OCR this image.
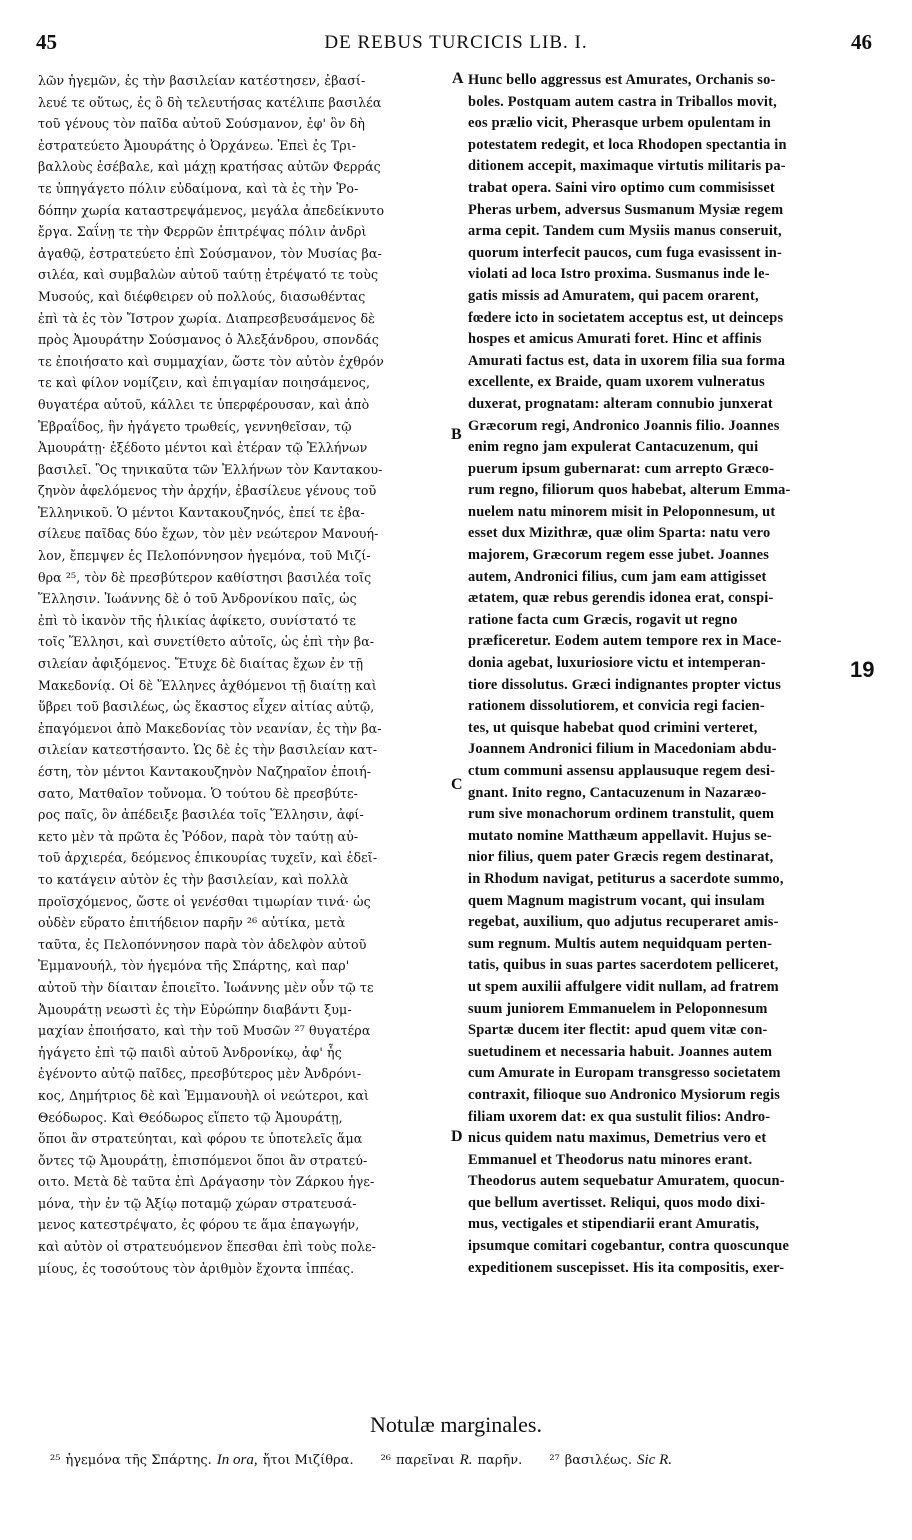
45	DE REBUS TURCICIS LIB. I.	46
λῶν ἡγεμῶν, ἐς τὴν βασιλείαν κατέστησεν, ἐβασί-
λευέ τε οὕτως, ἐς ὃ δὴ τελευτήσας κατέλιπε βασιλέα
τοῦ γένους τὸν παῖδα αὐτοῦ Σούσμανον, ἐφ' ὃν δὴ
ἐστρατεύετο Ἀμουράτης ὁ Ὀρχάνεω. Ἐπεὶ ἐς Τρι-
βαλλοὺς ἐσέβαλε, καὶ μάχῃ κρατήσας αὐτῶν Φερράς
τε ὑπηγάγετο πόλιν εὐδαίμονα, καὶ τὰ ἐς τὴν Ῥο-
δόπην χωρία καταστρεψάμενος, μεγάλα ἀπεδείκνυτο
ἔργα. Σαΐνῃ τε τὴν Φερρῶν ἐπιτρέψας πόλιν ἀνδρὶ
ἀγαθῷ, ἐστρατεύετο ἐπὶ Σούσμανον, τὸν Μυσίας βα-
σιλέα, καὶ συμβαλὼν αὐτοῦ ταύτῃ ἐτρέψατό τε τοὺς
Μυσούς, καὶ διέφθειρεν οὐ πολλούς, διασωθέντας
ἐπὶ τὰ ἐς τὸν Ἴστρον χωρία. Διαπρεσβευσάμενος δὲ
πρὸς Ἀμουράτην Σούσμανος ὁ Ἀλεξάνδρου, σπονδάς
τε ἐποιήσατο καὶ συμμαχίαν, ὥστε τὸν αὐτὸν ἐχθρόν
τε καὶ φίλον νομίζειν, καὶ ἐπιγαμίαν ποιησάμενος,
θυγατέρα αὐτοῦ, κάλλει τε ὑπερφέρουσαν, καὶ ἀπὸ
Ἐβραΐδος, ἣν ἠγάγετο τρωθείς, γεννηθεῖσαν, τῷ
Ἀμουράτῃ· ἐξέδοτο μέντοι καὶ ἑτέραν τῷ Ἑλλήνων
βασιλεῖ. Ὃς τηνικαῦτα τῶν Ἑλλήνων τὸν Καντακου-
ζηνὸν ἀφελόμενος τὴν ἀρχήν, ἐβασίλευε γένους τοῦ
Ἑλληνικοῦ. Ὁ μέντοι Καντακουζηνός, ἐπεί τε ἐβα-
σίλευε παῖδας δύο ἔχων, τὸν μὲν νεώτερον Μανουή-
λον, ἔπεμψεν ἐς Πελοπόννησον ἡγεμόνα, τοῦ Μιζί-
θρα ²⁵, τὸν δὲ πρεσβύτερον καθίστησι βασιλέα τοῖς
Ἕλλησιν. Ἰωάννης δὲ ὁ τοῦ Ἀνδρονίκου παῖς, ὡς
ἐπὶ τὸ ἱκανὸν τῆς ἡλικίας ἀφίκετο, συνίστατό τε
τοῖς Ἕλλησι, καὶ συνετίθετο αὐτοῖς, ὡς ἐπὶ τὴν βα-
σιλείαν ἀφιξόμενος. Ἔτυχε δὲ διαίτας ἔχων ἐν τῇ
Μακεδονίᾳ. Οἱ δὲ Ἕλληνες ἀχθόμενοι τῇ διαίτῃ καὶ
ὕβρει τοῦ βασιλέως, ὡς ἕκαστος εἶχεν αἰτίας αὐτῷ,
ἐπαγόμενοι ἀπὸ Μακεδονίας τὸν νεανίαν, ἐς τὴν βα-
σιλείαν κατεστήσαντο. Ὡς δὲ ἐς τὴν βασιλείαν κατ-
έστη, τὸν μέντοι Καντακουζηνὸν Ναζηραῖον ἐποιή-
σατο, Ματθαῖον τοὔνομα. Ὁ τούτου δὲ πρεσβύτε-
ρος παῖς, ὃν ἀπέδειξε βασιλέα τοῖς Ἕλλησιν, ἀφί-
κετο μὲν τὰ πρῶτα ἐς Ῥόδον, παρὰ τὸν ταύτῃ αὐ-
τοῦ ἀρχιερέα, δεόμενος ἐπικουρίας τυχεῖν, καὶ ἐδεῖ-
το κατάγειν αὐτὸν ἐς τὴν βασιλείαν, καὶ πολλὰ
προϊσχόμενος, ὥστε οἱ γενέσθαι τιμωρίαν τινά· ὡς
οὐδὲν εὕρατο ἐπιτήδειον παρῆν ²⁶ αὐτίκα, μετὰ
ταῦτα, ἐς Πελοπόννησον παρὰ τὸν ἀδελφὸν αὐτοῦ
Ἐμμανουήλ, τὸν ἡγεμόνα τῆς Σπάρτης, καὶ παρ'
αὐτοῦ τὴν δίαιταν ἐποιεῖτο. Ἰωάννης μὲν οὖν τῷ τε
Ἀμουράτῃ νεωστὶ ἐς τὴν Εὐρώπην διαβάντι ξυμ-
μαχίαν ἐποιήσατο, καὶ τὴν τοῦ Μυσῶν ²⁷ θυγατέρα
ἠγάγετο ἐπὶ τῷ παιδὶ αὐτοῦ Ἀνδρονίκῳ, ἀφ' ἧς
ἐγένοντο αὐτῷ παῖδες, πρεσβύτερος μὲν Ἀνδρόνι-
κος, Δημήτριος δὲ καὶ Ἐμμανουὴλ οἱ νεώτεροι, καὶ
Θεόδωρος. Καὶ Θεόδωρος εἵπετο τῷ Ἀμουράτῃ,
ὅποι ἂν στρατεύηται, καὶ φόρου τε ὑποτελεῖς ἅμα
ὄντες τῷ Ἀμουράτῃ, ἑπισπόμενοι ὅποι ἂν στρατεύ-
οιτο. Μετὰ δὲ ταῦτα ἐπὶ Δράγασην τὸν Ζάρκου ἡγε-
μόνα, τὴν ἐν τῷ Ἀξίῳ ποταμῷ χώραν στρατευσά-
μενος κατεστρέψατο, ἐς φόρου τε ἅμα ἐπαγωγήν,
καὶ αὐτὸν οἱ στρατευόμενον ἕπεσθαι ἐπὶ τοὺς πολε-
μίους, ἐς τοσούτους τὸν ἀριθμὸν ἔχοντα ἱππέας.
Hunc bello aggressus est Amurates, Orchanis so-
boles. Postquam autem castra in Triballos movit,
eos prælio vicit, Pherasque urbem opulentam in
potestatem redegit, et loca Rhodopen spectantia in
ditionem accepit, maximaque virtutis militaris pa-
trabat opera. Saini viro optimo cum commisisset
Pheras urbem, adversus Susmanum Mysiæ regem
arma cepit. Tandem cum Mysiis manus conseruit,
quorum interfecit paucos, cum fuga evasissent in-
violati ad loca Istro proxima. Susmanus inde le-
gatis missis ad Amuratem, qui pacem orarent,
fœdere icto in societatem acceptus est, ut deinceps
hospes et amicus Amurati foret. Hinc et affinis
Amurati factus est, data in uxorem filia sua forma
excellente, ex Braide, quam uxorem vulneratus
duxerat, prognatam: alteram connubio junxerat
Græcorum regi, Andronico Joannis filio. Joannes
enim regno jam expulerat Cantacuzenum, qui
puerum ipsum gubernarat: cum arrepto Græco-
rum regno, filiorum quos habebat, alterum Emma-
nuelem natu minorem misit in Peloponnesum, ut
esset dux Mizithræ, quæ olim Sparta: natu vero
majorem, Græcorum regem esse jubet. Joannes
autem, Andronici filius, cum jam eam attigisset
ætatem, quæ rebus gerendis idonea erat, conspi-
ratione facta cum Græcis, rogavit ut regno
præficeretur. Eodem autem tempore rex in Mace-
donia agebat, luxuriosiore victu et intemperan-
tiore dissolutus. Græci indignantes propter victus
rationem dissolutiorem, et convicia regi facien-
tes, ut quisque habebat quod crimini verteret,
Joannem Andronici filium in Macedoniam abdu-
ctum communi assensu applausuque regem desi-
gnant. Inito regno, Cantacuzenum in Nazaræo-
rum sive monachorum ordinem transtulit, quem
mutato nomine Matthæum appellavit. Hujus se-
nior filius, quem pater Græcis regem destinarat,
in Rhodum navigat, petiturus a sacerdote summo,
quem Magnum magistrum vocant, qui insulam
regebat, auxilium, quo adjutus recuperaret amis-
sum regnum. Multis autem nequidquam perten-
tatis, quibus in suas partes sacerdotem pelliceret,
ut spem auxilii affulgere vidit nullam, ad fratrem
suum juniorem Emmanuelem in Peloponnesum
Spartæ ducem iter flectit: apud quem vitæ con-
suetudinem et necessaria habuit. Joannes autem
cum Amurate in Europam transgresso societatem
contraxit, filioque suo Andronico Mysiorum regis
filiam uxorem dat: ex qua sustulit filios: Andro-
nicus quidem natu maximus, Demetrius vero et
Emmanuel et Theodorus natu minores erant.
Theodorus autem sequebatur Amuratem, quocun-
que bellum avertisset. Reliqui, quos modo dixi-
mus, vectigales et stipendiarii erant Amuratis,
ipsumque comitari cogebantur, contra quoscunque
expeditionem suscepisset. His ita compositis, exer-
A
B
C
D
19
Notulæ marginales.
²⁵ ἡγεμόνα τῆς Σπάρτης. In ora, ἤτοι Μιζίθρα. ²⁶ παρεῖναι R. παρῆν. ²⁷ βασιλέως. Sic R.
